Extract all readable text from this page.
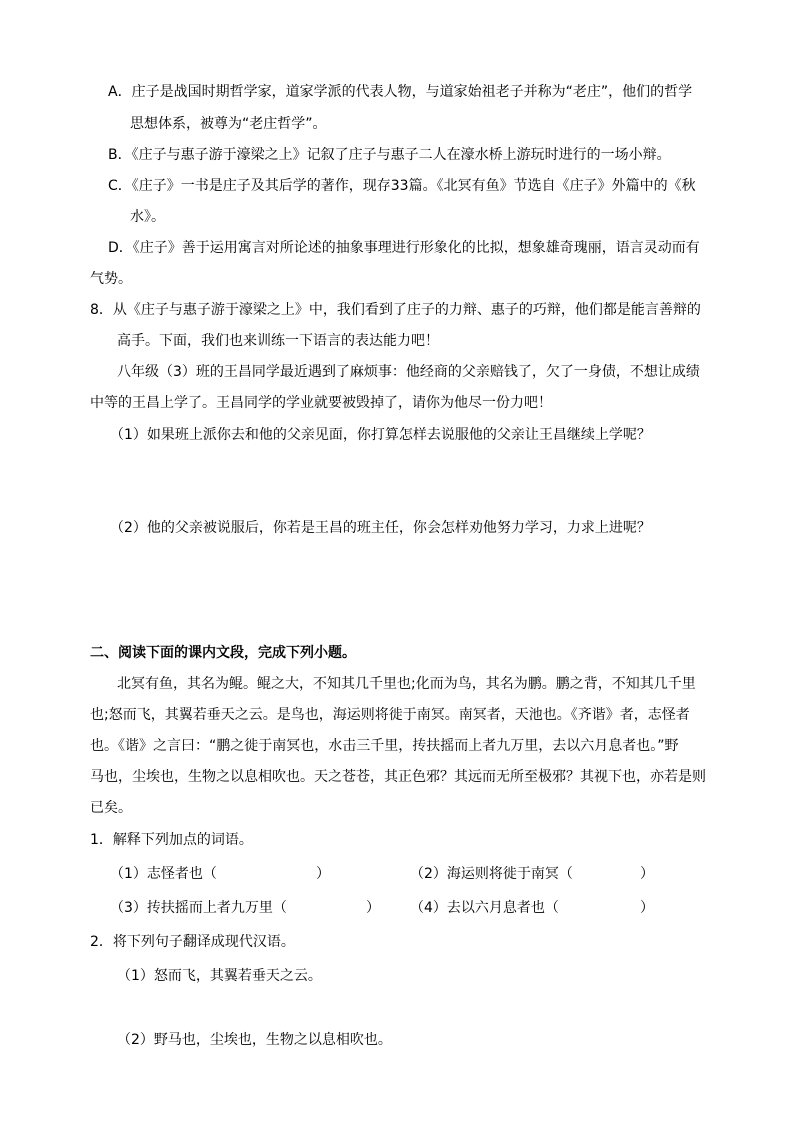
A．庄子是战国时期哲学家，道家学派的代表人物，与道家始祖老子并称为“老庄”，他们的哲学
思想体系，被尊为“老庄哲学”。
B．《庄子与惠子游于濠梁之上》记叙了庄子与惠子二人在濠水桥上游玩时进行的一场小辩。
C．《庄子》一书是庄子及其后学的著作，现存33篇。《北冥有鱼》节选自《庄子》外篇中的《秋
水》。
D．《庄子》善于运用寓言对所论述的抽象事理进行形象化的比拟，想象雄奇瑰丽，语言灵动而有
气势。
8．从《庄子与惠子游于濠梁之上》中，我们看到了庄子的力辩、惠子的巧辩，他们都是能言善辩的
高手。下面，我们也来训练一下语言的表达能力吧！
八年级（3）班的王昌同学最近遇到了麻烦事：他经商的父亲赔钱了，欠了一身债，不想让成绩
中等的王昌上学了。王昌同学的学业就要被毁掉了，请你为他尽一份力吧！
（1）如果班上派你去和他的父亲见面，你打算怎样去说服他的父亲让王昌继续上学呢？
（2）他的父亲被说服后，你若是王昌的班主任，你会怎样劝他努力学习，力求上进呢？
二、阅读下面的课内文段，完成下列小题。
北冥有鱼，其名为鲲。鲲之大，不知其几千里也;化而为鸟，其名为鹏。鹏之背，不知其几千里
也;怒而飞，其翼若垂天之云。是鸟也，海运则将徙于南冥。南冥者，天池也。《齐谐》者，志怪者
也。《谐》之言曰：“鹏之徙于南冥也，水击三千里，抟扶摇而上者九万里，去以六月息者也。”野
马也，尘埃也，生物之以息相吹也。天之苍苍，其正色邪？其远而无所至极邪？其视下也，亦若是则
已矣。
1．解释下列加点的词语。
（1）志怪者也（	）	（2）海运则将徙于南冥（	）
（3）抟扶摇而上者九万里（	） （4）去以六月息者也（	）
2．将下列句子翻译成现代汉语。
（1）怒而飞，其翼若垂天之云。
（2）野马也，尘埃也，生物之以息相吹也。
